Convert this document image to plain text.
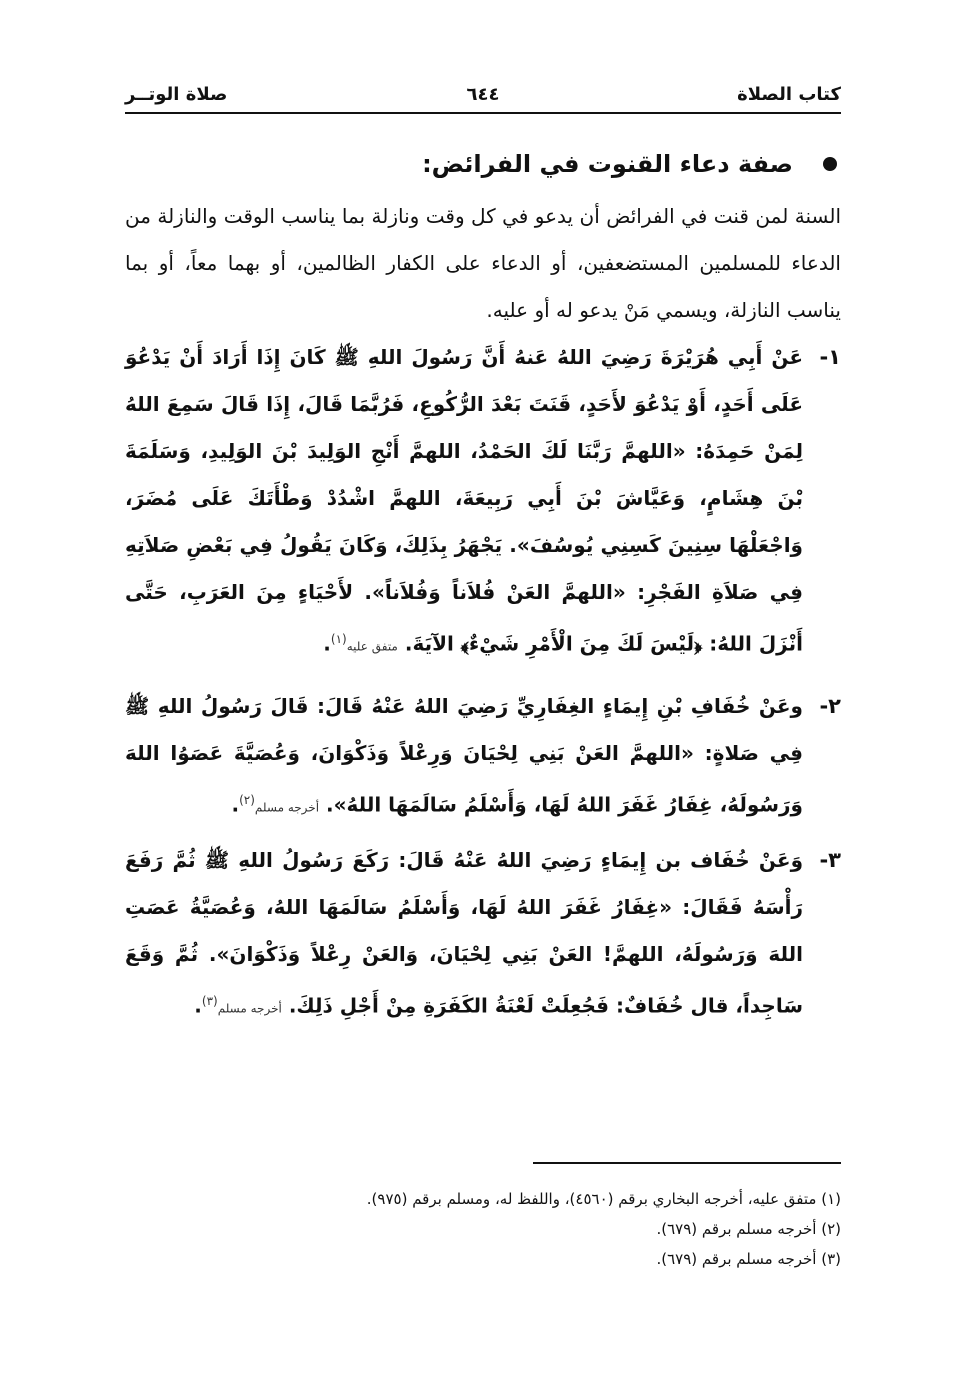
كتاب الصلاة
٦٤٤
صلاة الوتــر
صفة دعاء القنوت في الفرائض:

السنة لمن قنت في الفرائض أن يدعو في كل وقت ونازلة بما يناسب الوقت والنازلة من الدعاء للمسلمين المستضعفين، أو الدعاء على الكفار الظالمين، أو بهما معاً، أو بما يناسب النازلة، ويسمي مَنْ يدعو له أو عليه.

١-
عَنْ أَبِي هُرَيْرَةَ رَضِيَ اللهُ عَنهُ أَنَّ رَسُولَ اللهِ ﷺ كَانَ إِذَا أَرَادَ أَنْ يَدْعُوَ عَلَى أَحَدٍ، أَوْ يَدْعُوَ لأَحَدٍ، قَنَتَ بَعْدَ الرُّكُوعِ، فَرُبَّمَا قَالَ، إِذَا قَالَ سَمِعَ اللهُ لِمَنْ حَمِدَهُ: «اللهمَّ رَبَّنَا لَكَ الحَمْدُ، اللهمَّ أَنْجِ الوَلِيدَ بْنَ الوَلِيدِ، وَسَلَمَةَ بْنَ هِشَامٍ، وَعَيَّاشَ بْنَ أَبِي رَبِيعَةَ، اللهمَّ اشْدُدْ وَطْأَتَكَ عَلَى مُضَرَ، وَاجْعَلْهَا سِنِينَ كَسِنِي يُوسُفَ». يَجْهَرُ بِذَلِكَ، وَكَانَ يَقُولُ فِي بَعْضِ صَلاَتِهِ فِي صَلاَةِ الفَجْرِ: «اللهمَّ العَنْ فُلاَناً وَفُلاَناً». لأَحْيَاءٍ مِنَ العَرَبِ، حَتَّى أَنْزَلَ اللهُ: ﴿لَيْسَ لَكَ مِنَ الْأَمْرِ شَيْءٌ﴾ الآيَةَ. متفق عليه$^{(١)}$.
٢-
وعَنْ خُفَافِ بْنِ إِيمَاءٍ الغِفَارِيِّ رَضِيَ اللهُ عَنْهُ قَالَ: قَالَ رَسُولُ اللهِ ﷺ فِي صَلاةٍ: «اللهمَّ العَنْ بَنِي لِحْيَانَ وَرِعْلاً وَذَكْوَانَ، وَعُصَيَّةَ عَصَوُا اللهَ وَرَسُولَهُ، غِفَارُ غَفَرَ اللهُ لَهَا، وَأَسْلَمُ سَالَمَهَا اللهُ». أخرجه مسلم$^{(٢)}$.
٣-
وَعَنْ خُفَاف بن إِيمَاءٍ رَضِيَ اللهُ عَنْهُ قَالَ: رَكَعَ رَسُولُ اللهِ ﷺ ثُمَّ رَفَعَ رَأْسَهُ فَقَالَ: «غِفَارُ غَفَرَ اللهُ لَهَا، وَأَسْلَمُ سَالَمَهَا اللهُ، وَعُصَيَّةُ عَصَتِ اللهَ وَرَسُولَهُ، اللهمَّ! العَنْ بَنِي لِحْيَانَ، وَالعَنْ رِعْلاً وَذَكْوَانَ». ثُمَّ وَقَعَ سَاجِداً، قال خُفَافٌ: فَجُعِلَتْ لَعْنَةُ الكَفَرَةِ مِنْ أَجْلِ ذَلِكَ. أخرجه مسلم$^{(٣)}$.
(١) متفق عليه، أخرجه البخاري برقم (٤٥٦٠)، واللفظ له، ومسلم برقم (٩٧٥).
(٢) أخرجه مسلم برقم (٦٧٩).
(٣) أخرجه مسلم برقم (٦٧٩).
